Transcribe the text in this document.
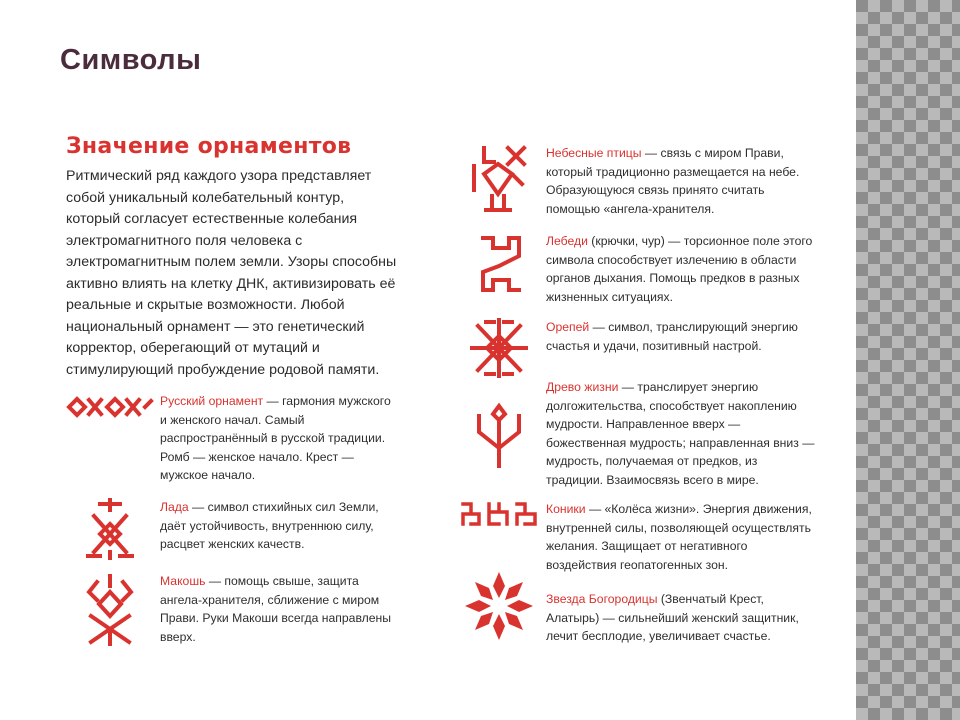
Символы
Значение орнаментов

Ритмический ряд каждого узора представляет собой уникальный колебательный контур, который согласует естественные колебания электромагнитного поля человека с электромагнитным полем земли. Узоры способны активно влиять на клетку ДНК, активизировать её реальные и скрытые возможности. Любой национальный орнамент — это генетический корректор, оберегающий от мутаций и стимулирующий пробуждение родовой памяти.

Русский орнамент — гармония мужского и женского начал. Самый распространённый в русской традиции. Ромб — женское начало. Крест — мужское начало.
Лада — символ стихийных сил Земли, даёт устойчивость, внутреннюю силу, расцвет женских качеств.
Макошь — помощь свыше, защита ангела-хранителя, сближение с миром Прави. Руки Макоши всегда направлены вверх.
Небесные птицы — связь с миром Прави, который традиционно размещается на небе. Образующуюся связь принято считать помощью «ангела-хранителя.
Лебеди (крючки, чур) — торсионное поле этого символа способствует излечению в области органов дыхания. Помощь предков в разных жизненных ситуациях.
Орепей — символ, транслирующий энергию счастья и удачи, позитивный настрой.
Древо жизни — транслирует энергию долгожительства, способствует накоплению мудрости. Направленное вверх — божественная мудрость; направленная вниз — мудрость, получаемая от предков, из традиции. Взаимосвязь всего в мире.
Коники — «Колёса жизни». Энергия движения, внутренней силы, позволяющей осуществлять желания. Защищает от негативного воздействия геопатогенных зон.
Звезда Богородицы (Звенчатый Крест, Алатырь) — сильнейший женский защитник, лечит бесплодие, увеличивает счастье.
